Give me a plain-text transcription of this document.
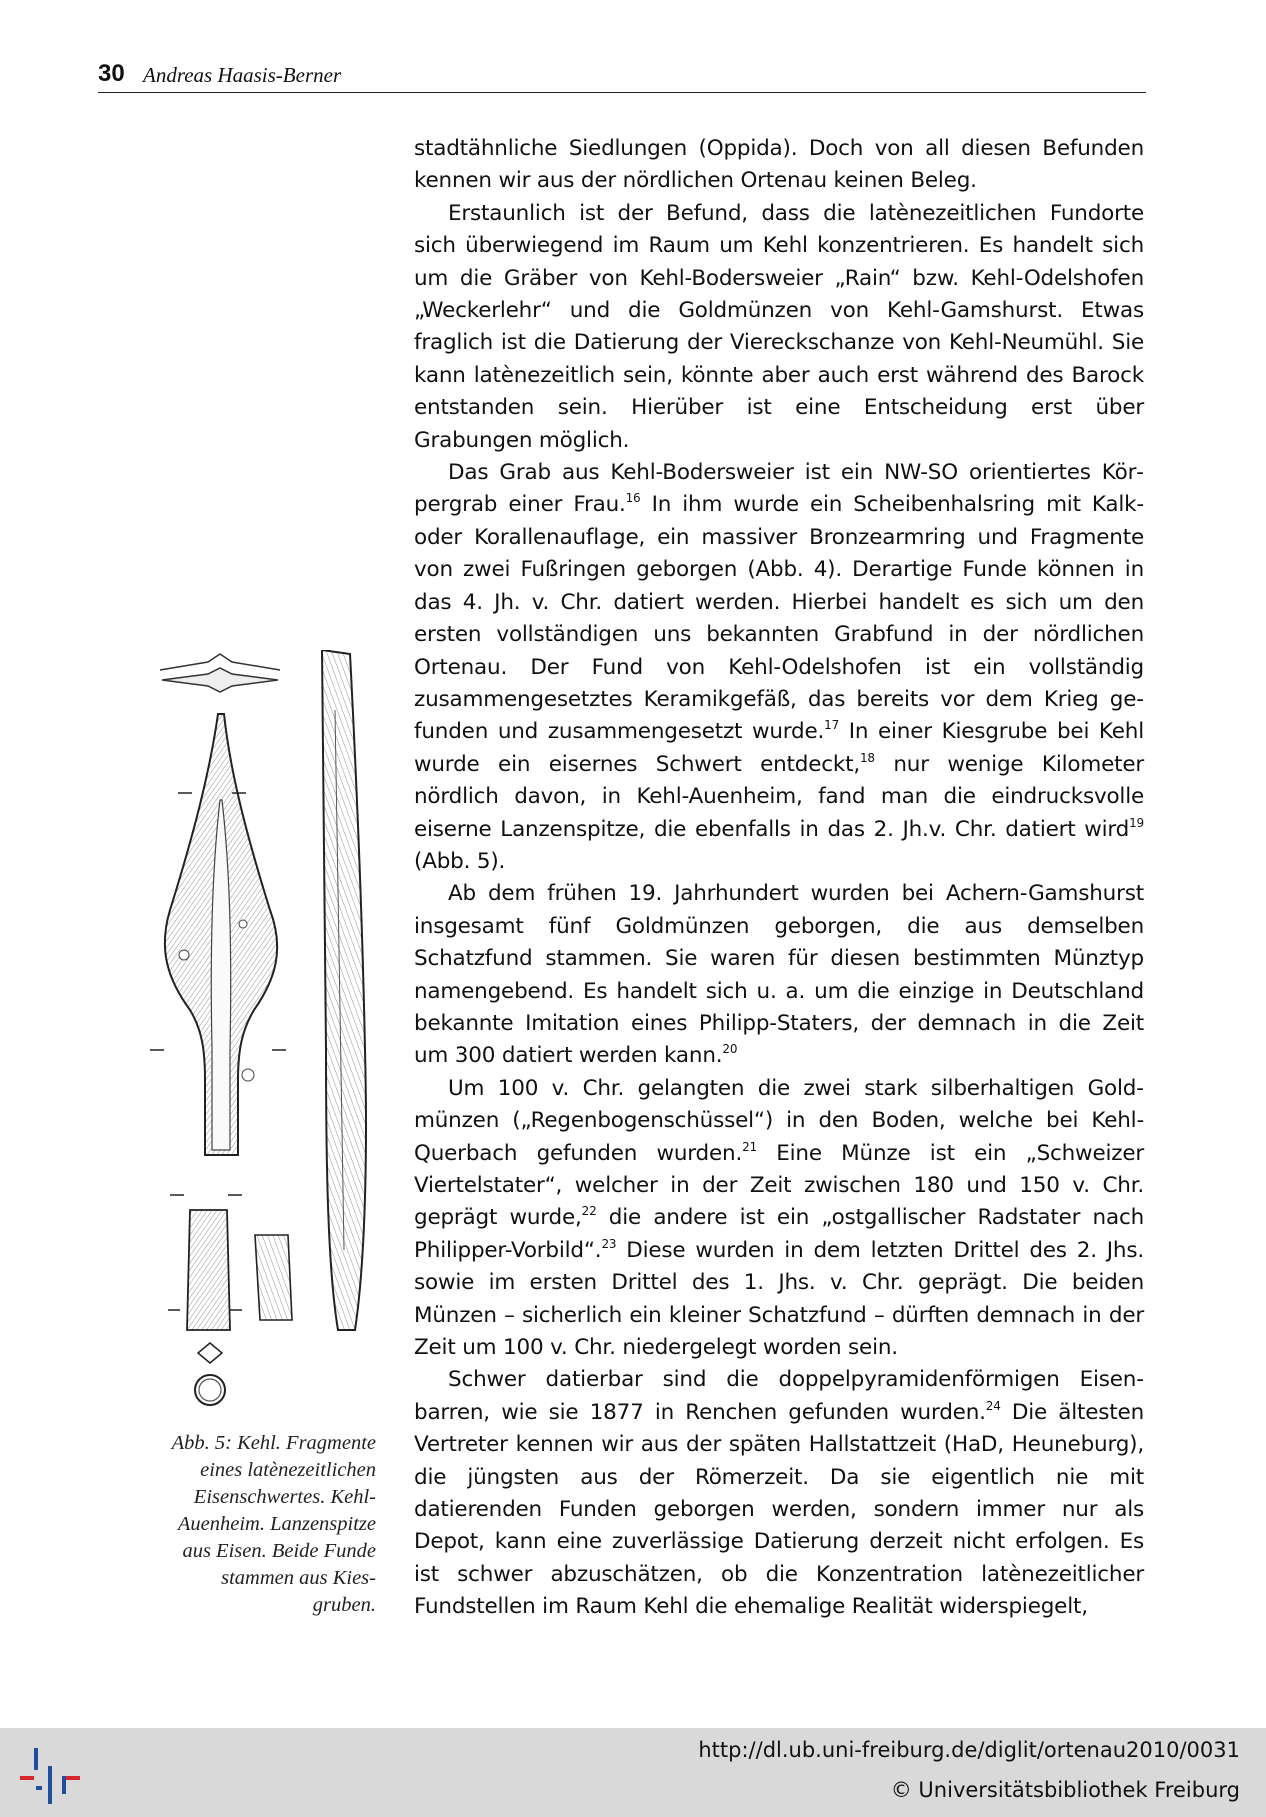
30 Andreas Haasis-Berner

stadtähnliche Siedlungen (Oppida). Doch von all diesen Befunden kennen wir aus der nördlichen Ortenau keinen Beleg.

Erstaunlich ist der Befund, dass die latènezeitlichen Fundorte sich überwiegend im Raum um Kehl konzentrieren. Es handelt sich um die Gräber von Kehl-Bodersweier „Rain“ bzw. Kehl-Odelshofen „Weckerlehr“ und die Goldmünzen von Kehl-Gamshurst. Etwas fraglich ist die Datierung der Viereckschanze von Kehl-Neumühl. Sie kann latènezeitlich sein, könnte aber auch erst während des Barock entstanden sein. Hierüber ist eine Entscheidung erst über Grabungen möglich.

Das Grab aus Kehl-Bodersweier ist ein NW-SO orientiertes Körpergrab einer Frau.$^{16}$ In ihm wurde ein Scheibenhalsring mit Kalk- oder Korallenauflage, ein massiver Bronzearmring und Fragmente von zwei Fußringen geborgen (Abb. 4). Derartige Funde können in das 4. Jh. v. Chr. datiert werden. Hierbei handelt es sich um den ersten vollständigen uns bekannten Grabfund in der nördlichen Ortenau. Der Fund von Kehl-Odelshofen ist ein vollständig zusammengesetztes Keramikgefäß, das bereits vor dem Krieg gefunden und zusammengesetzt wurde.$^{17}$ In einer Kiesgrube bei Kehl wurde ein eisernes Schwert entdeckt,$^{18}$ nur wenige Kilometer nördlich davon, in Kehl-Auenheim, fand man die eindrucksvolle eiserne Lanzenspitze, die ebenfalls in das 2. Jh.v. Chr. datiert wird$^{19}$ (Abb. 5).

Ab dem frühen 19. Jahrhundert wurden bei Achern-Gamshurst insgesamt fünf Goldmünzen geborgen, die aus demselben Schatzfund stammen. Sie waren für diesen bestimmten Münztyp namengebend. Es handelt sich u. a. um die einzige in Deutschland bekannte Imitation eines Philipp-Staters, der demnach in die Zeit um 300 datiert werden kann.$^{20}$

Um 100 v. Chr. gelangten die zwei stark silberhaltigen Goldmünzen („Regenbogenschüssel“) in den Boden, welche bei Kehl-Querbach gefunden wurden.$^{21}$ Eine Münze ist ein „Schweizer Viertelstater“, welcher in der Zeit zwischen 180 und 150 v. Chr. geprägt wurde,$^{22}$ die andere ist ein „ostgallischer Radstater nach Philipper-Vorbild“.$^{23}$ Diese wurden in dem letzten Drittel des 2. Jhs. sowie im ersten Drittel des 1. Jhs. v. Chr. geprägt. Die beiden Münzen – sicherlich ein kleiner Schatzfund – dürften demnach in der Zeit um 100 v. Chr. niedergelegt worden sein.

Schwer datierbar sind die doppelpyramidenförmigen Eisenbarren, wie sie 1877 in Renchen gefunden wurden.$^{24}$ Die ältesten Vertreter kennen wir aus der späten Hallstattzeit (HaD, Heuneburg), die jüngsten aus der Römerzeit. Da sie eigentlich nie mit datierenden Funden geborgen werden, sondern immer nur als Depot, kann eine zuverlässige Datierung derzeit nicht erfolgen. Es ist schwer abzuschätzen, ob die Konzentration latènezeitlicher Fundstellen im Raum Kehl die ehemalige Realität widerspiegelt,

Abb. 5: Kehl. Fragmente
eines latènezeitlichen
Eisenschwertes. Kehl-
Auenheim. Lanzenspitze
aus Eisen. Beide Funde
stammen aus Kies-
gruben.
http://dl.ub.uni-freiburg.de/diglit/ortenau2010/0031
© Universitätsbibliothek Freiburg
